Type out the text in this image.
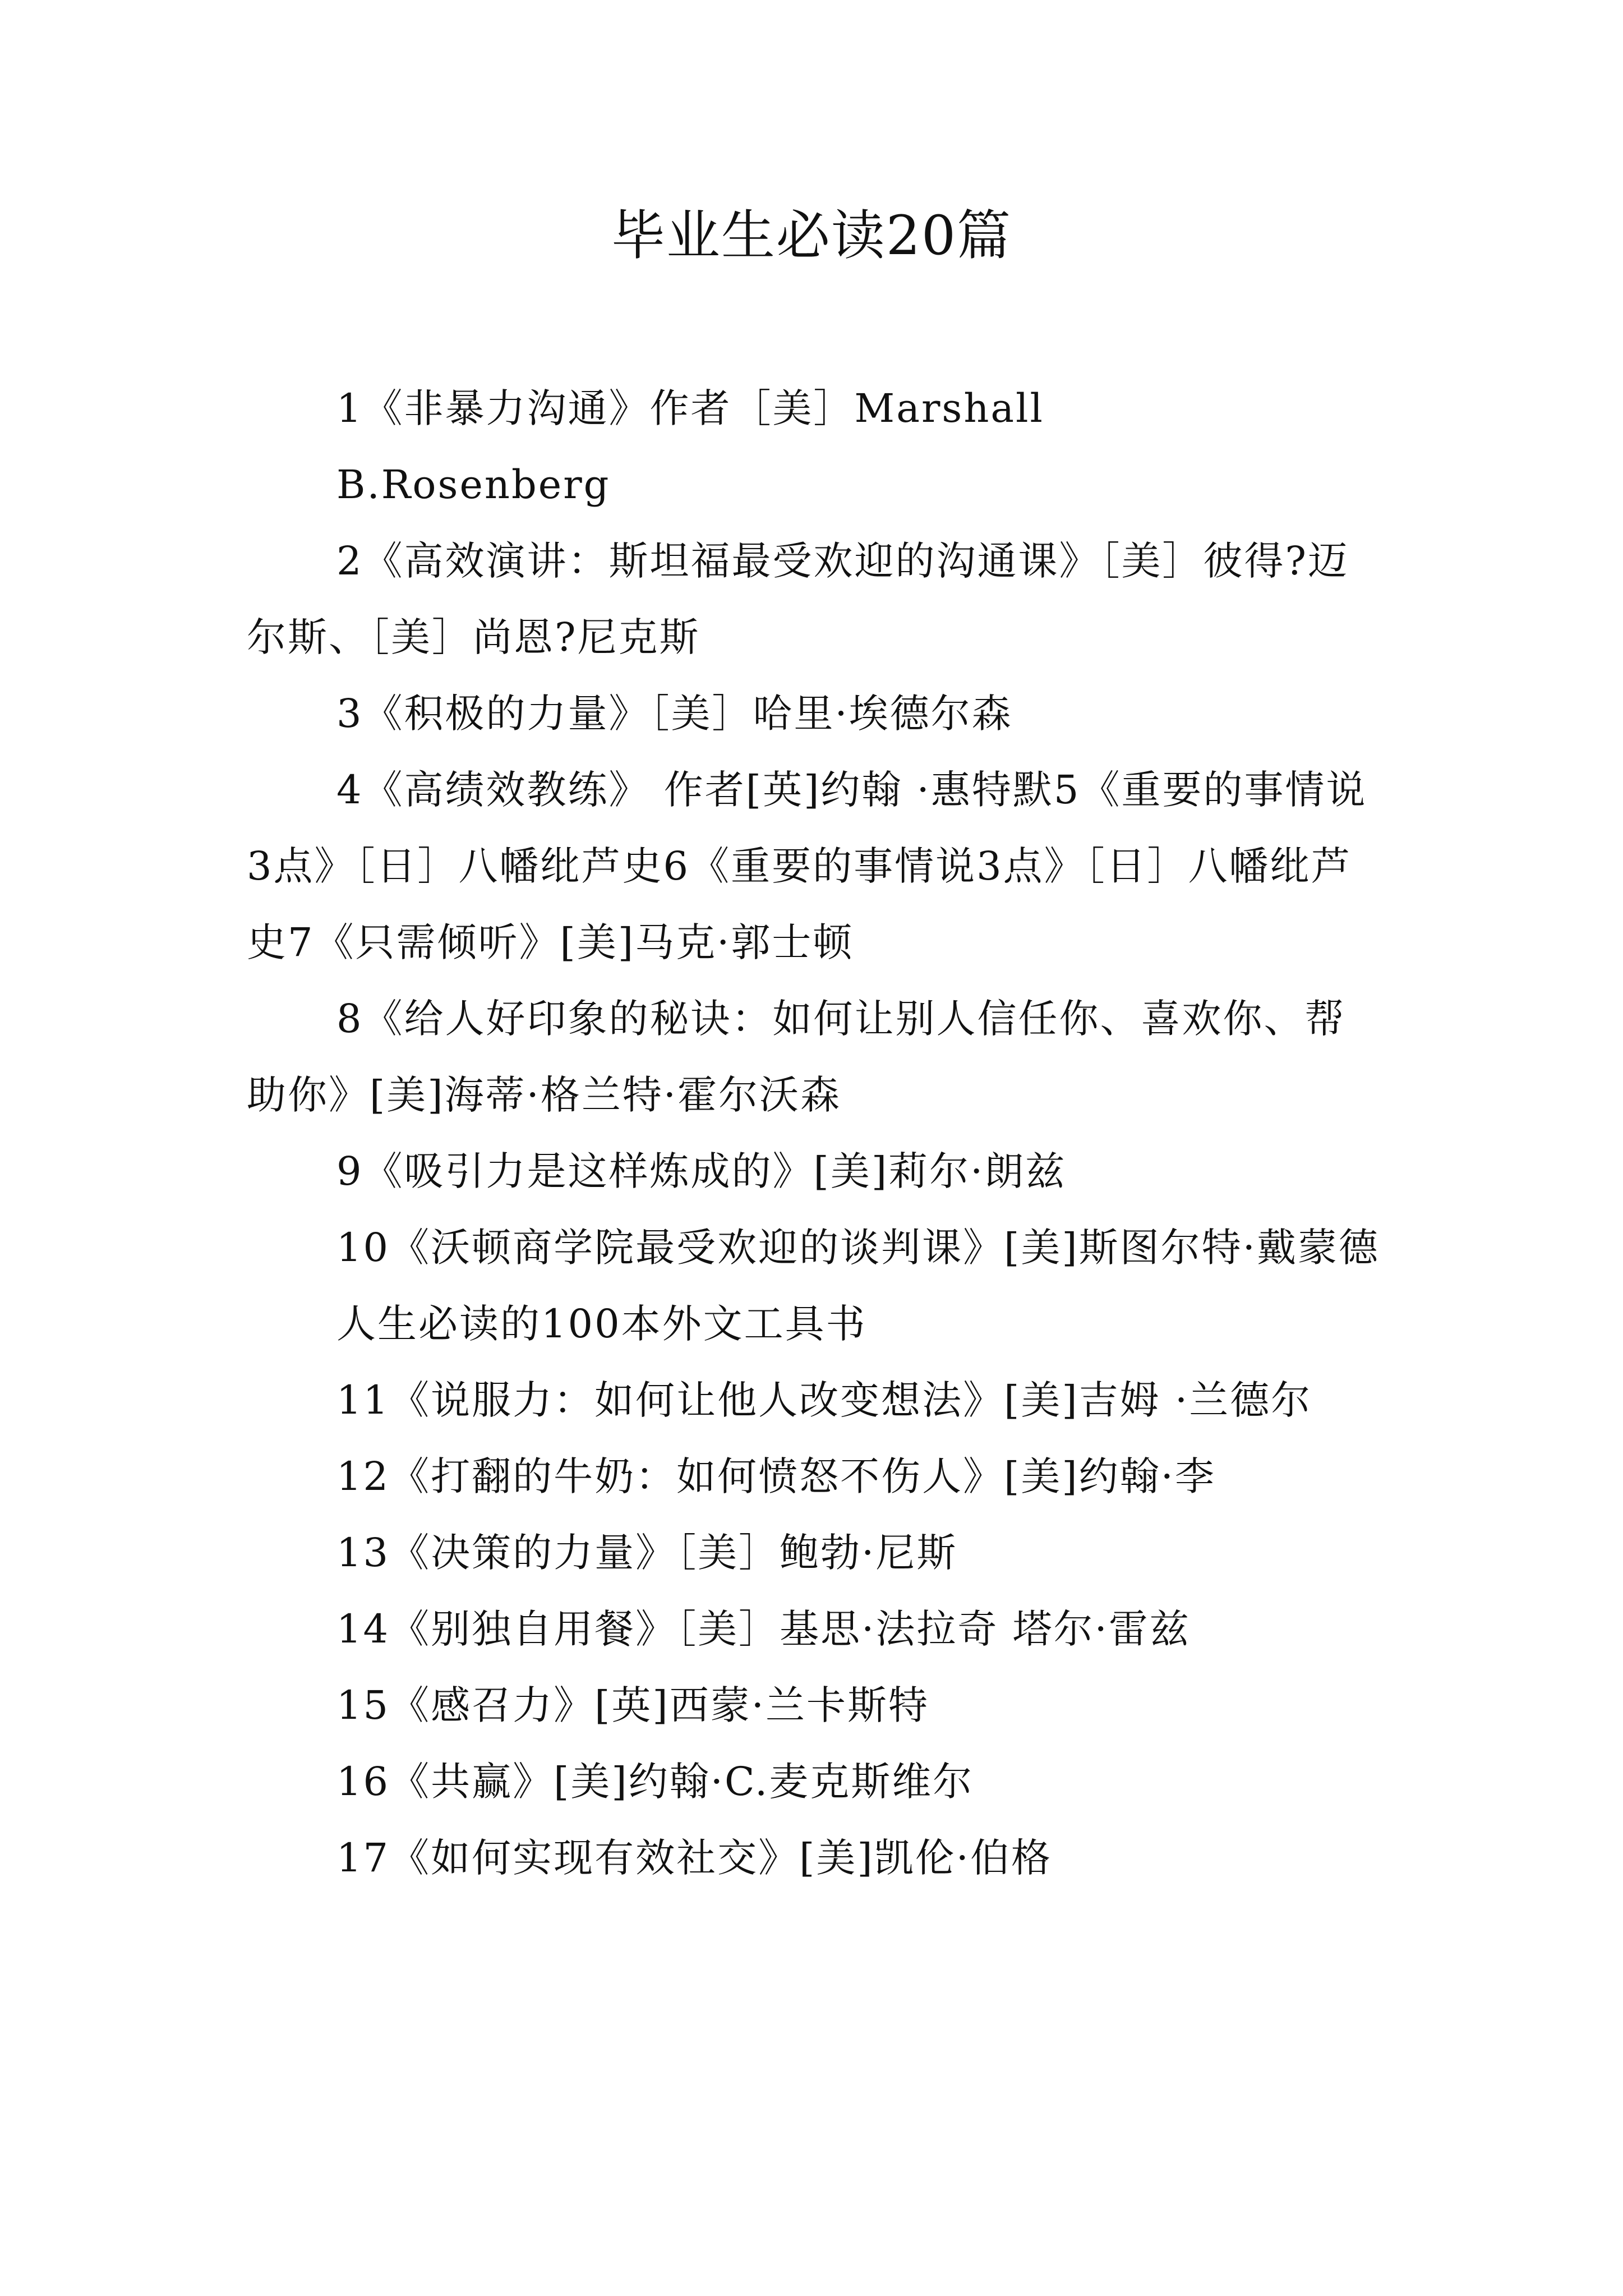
毕业生必读20篇

1《非暴力沟通》作者［美］Marshall

B.Rosenberg

2《高效演讲：斯坦福最受欢迎的沟通课》［美］彼得?迈尔斯、［美］尚恩?尼克斯

3《积极的力量》［美］哈里·埃德尔森

4《高绩效教练》 作者[英]约翰 ·惠特默5《重要的事情说3点》［日］八幡纰芦史6《重要的事情说3点》［日］八幡纰芦史7《只需倾听》[美]马克·郭士顿

8《给人好印象的秘诀：如何让别人信任你、喜欢你、帮助你》[美]海蒂·格兰特·霍尔沃森

9《吸引力是这样炼成的》[美]莉尔·朗兹

10《沃顿商学院最受欢迎的谈判课》[美]斯图尔特·戴蒙德

人生必读的100本外文工具书

11《说服力：如何让他人改变想法》[美]吉姆 ·兰德尔

12《打翻的牛奶：如何愤怒不伤人》[美]约翰·李

13《决策的力量》［美］鲍勃·尼斯

14《别独自用餐》［美］基思·法拉奇 塔尔·雷兹

15《感召力》[英]西蒙·兰卡斯特

16《共赢》[美]约翰·C.麦克斯维尔

17《如何实现有效社交》[美]凯伦·伯格
